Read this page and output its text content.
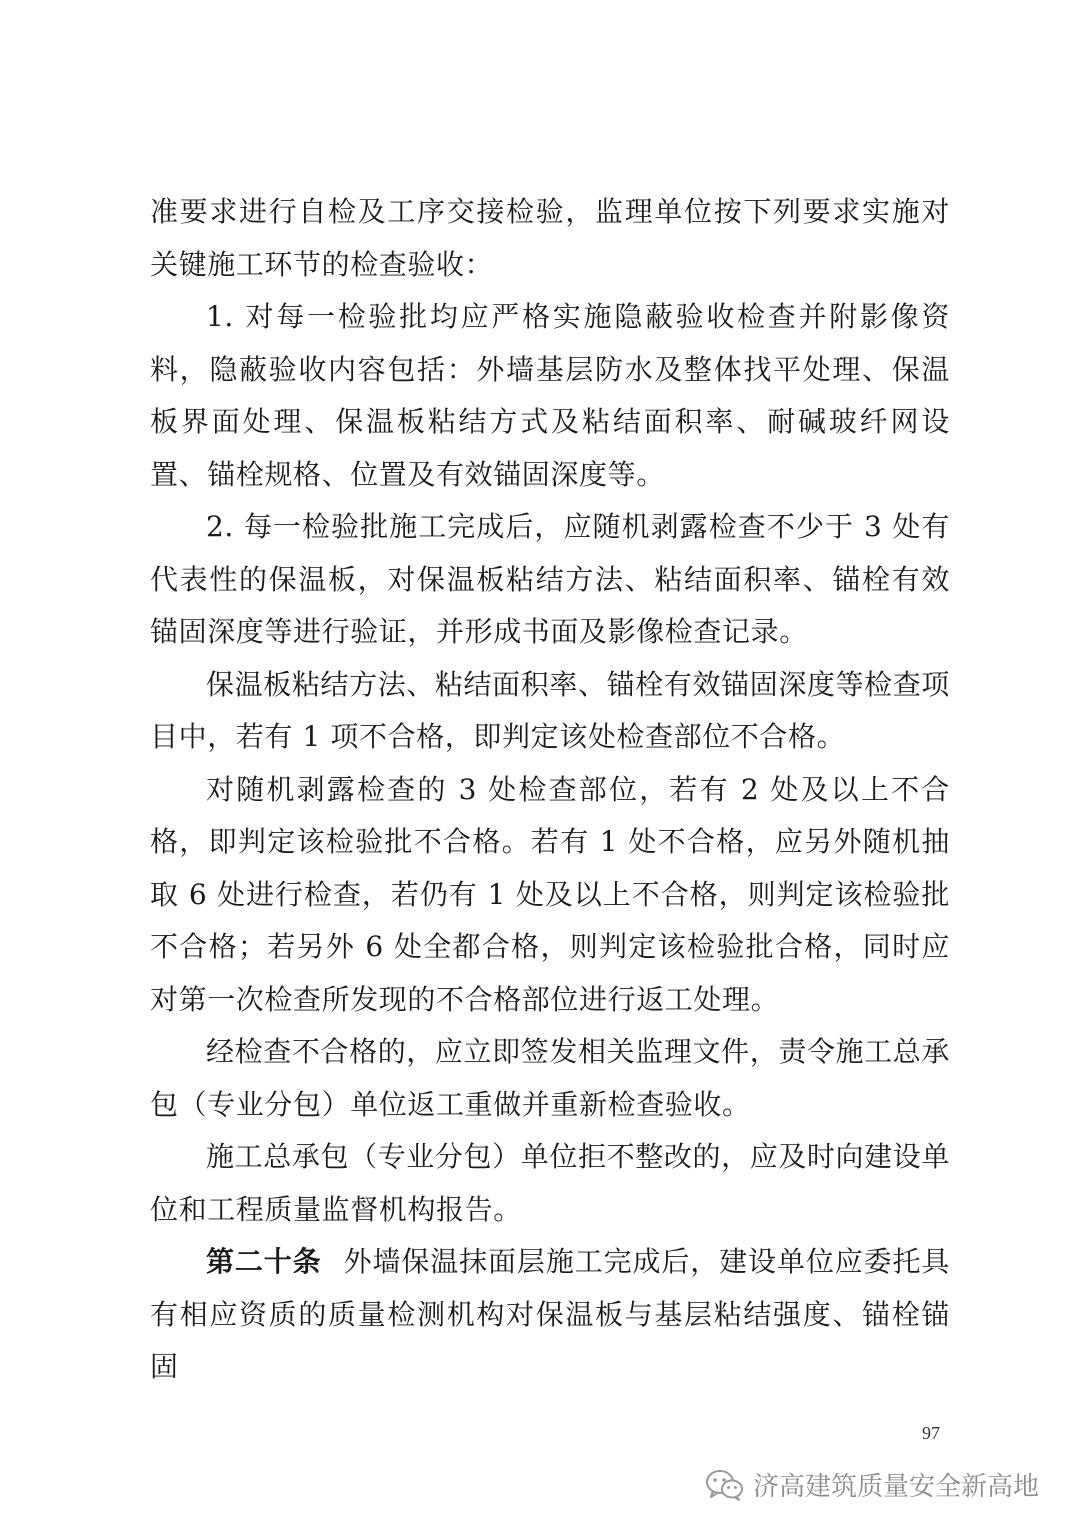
准要求进行自检及工序交接检验，监理单位按下列要求实施对关键施工环节的检查验收：

1. 对每一检验批均应严格实施隐蔽验收检查并附影像资料，隐蔽验收内容包括：外墙基层防水及整体找平处理、保温板界面处理、保温板粘结方式及粘结面积率、耐碱玻纤网设置、锚栓规格、位置及有效锚固深度等。

2. 每一检验批施工完成后，应随机剥露检查不少于 3 处有代表性的保温板，对保温板粘结方法、粘结面积率、锚栓有效锚固深度等进行验证，并形成书面及影像检查记录。

保温板粘结方法、粘结面积率、锚栓有效锚固深度等检查项目中，若有 1 项不合格，即判定该处检查部位不合格。

对随机剥露检查的 3 处检查部位，若有 2 处及以上不合格，即判定该检验批不合格。若有 1 处不合格，应另外随机抽取 6 处进行检查，若仍有 1 处及以上不合格，则判定该检验批不合格；若另外 6 处全都合格，则判定该检验批合格，同时应对第一次检查所发现的不合格部位进行返工处理。

经检查不合格的，应立即签发相关监理文件，责令施工总承包（专业分包）单位返工重做并重新检查验收。

施工总承包（专业分包）单位拒不整改的，应及时向建设单位和工程质量监督机构报告。

第二十条 外墙保温抹面层施工完成后，建设单位应委托具有相应资质的质量检测机构对保温板与基层粘结强度、锚栓锚固

97
济高建筑质量安全新高地
